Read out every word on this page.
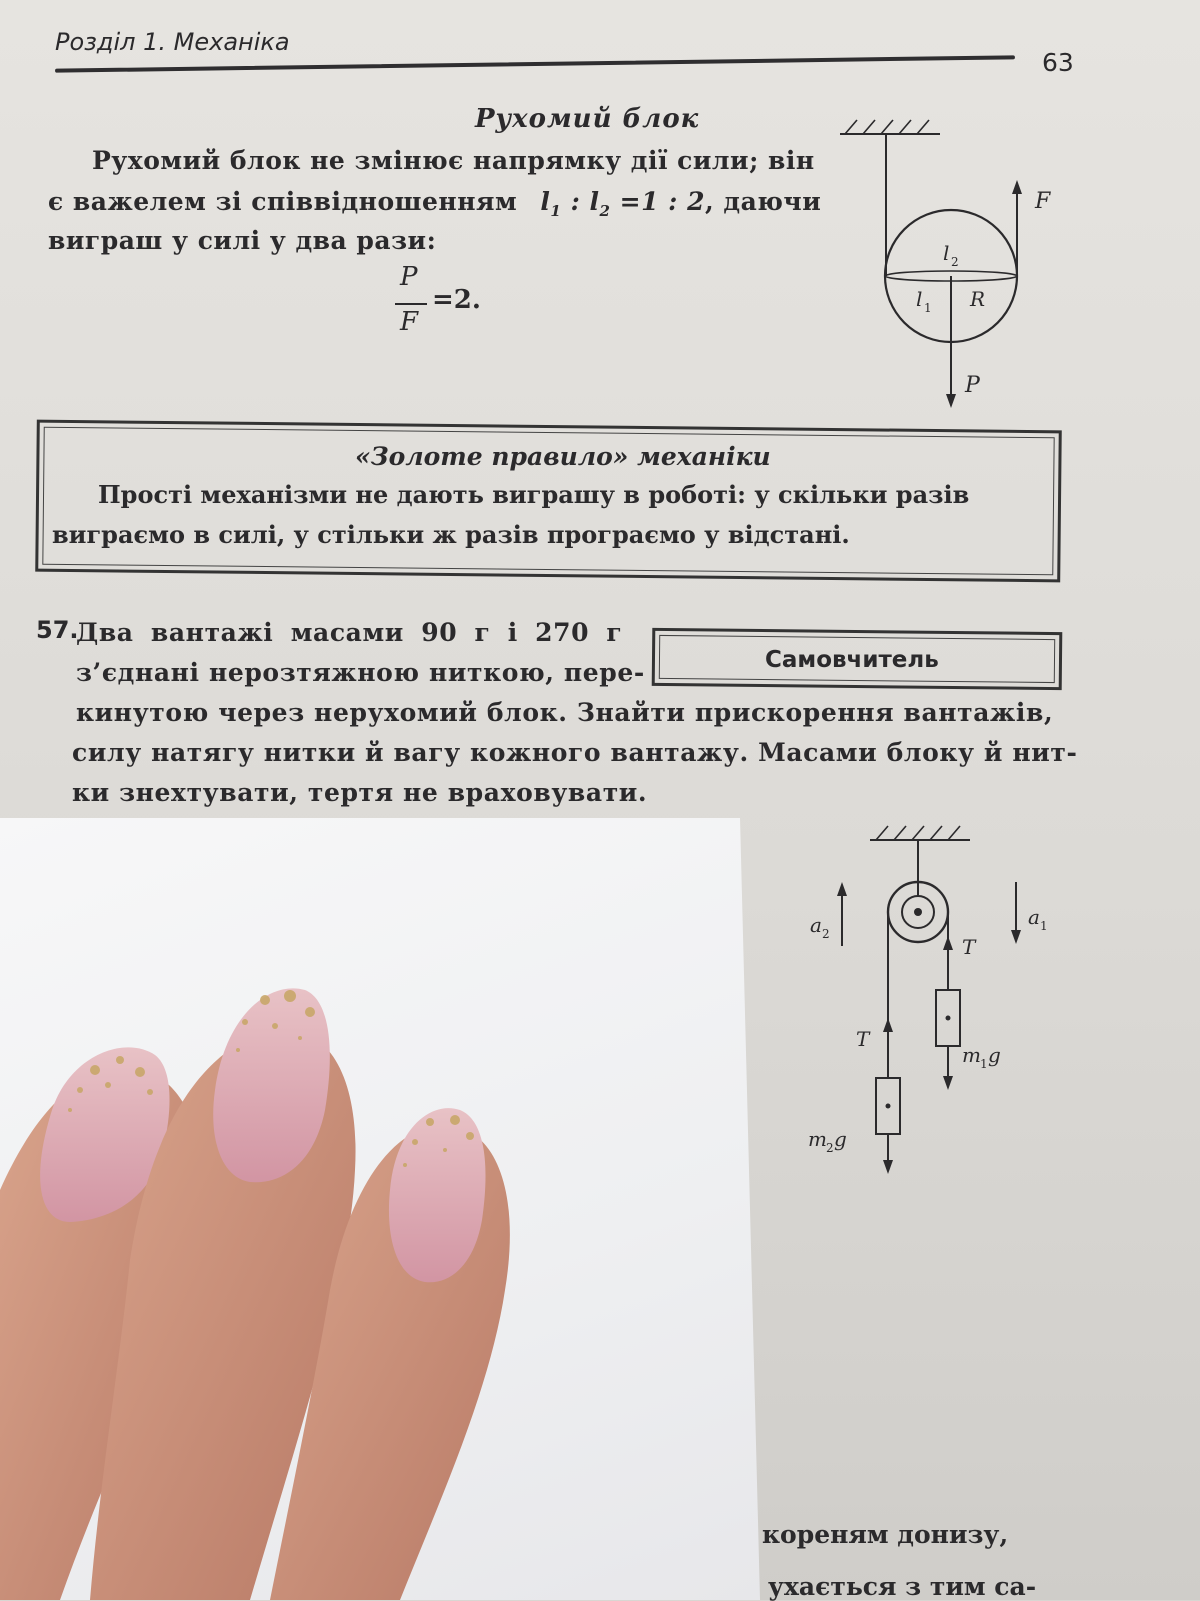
Розділ 1. Механіка
63
Рухомий блок
Рухомий блок не змінює напрямку дії сили; він
є важелем зі співвідношенням $l_1$ : $l_2 =1$ : 2, даючи
виграш у силі у два рази:
P
F
=2.
F
P
l 2
l 1 R
«Золоте правило» механіки
Прості механізми не дають виграшу в роботі: у скільки разів
виграємо в силі, у стільки ж разів програємо у відстані.
57.
Два вантажі масами 90 г і 270 г
з’єднані нерозтяжною ниткою, пере-
кинутою через нерухомий блок. Знайти прискорення вантажів,
силу натягу нитки й вагу кожного вантажу. Масами блоку й нит-
ки знехтувати, тертя не враховувати.
Самовчитель
a 2
a 1
T
T
m 1 g
m 2 g
кореням донизу,
ухається з тим са-
